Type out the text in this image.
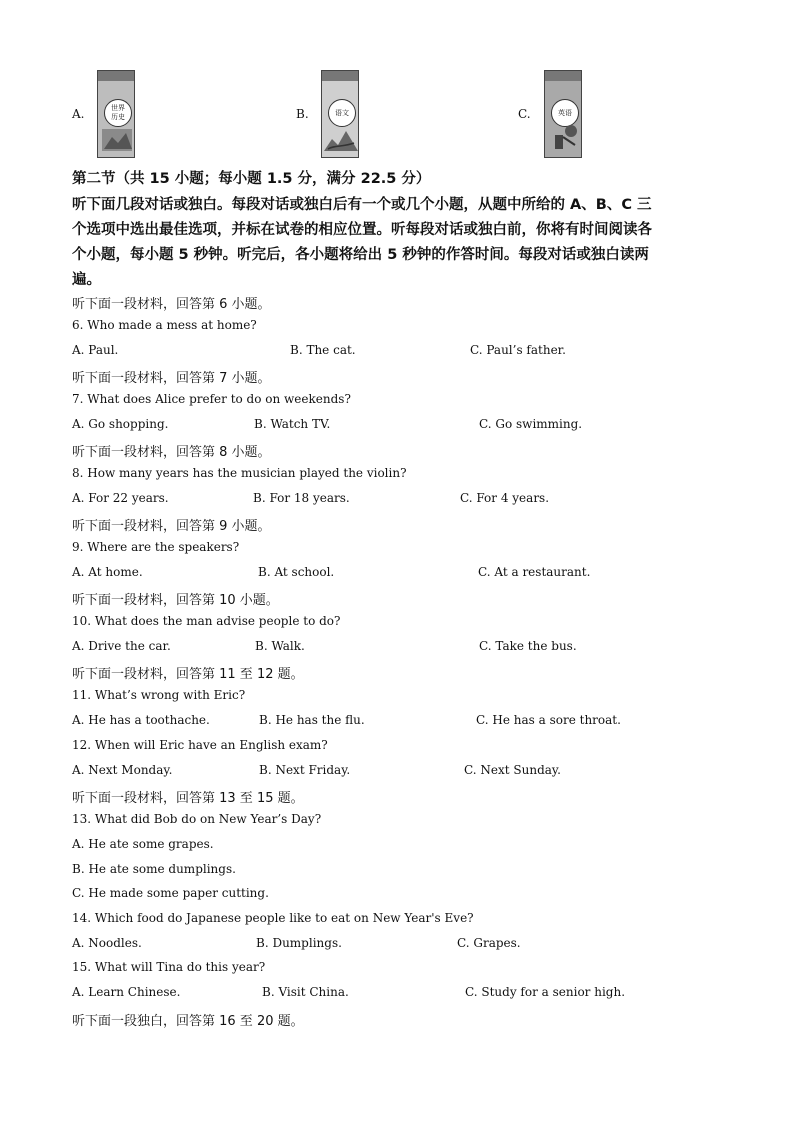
A.	世界
历史	B.	语文	C.	英语
第二节（共 15 小题；每小题 1.5 分，满分 22.5 分）
听下面几段对话或独白。每段对话或独白后有一个或几个小题，从题中所给的 A、B、C 三
个选项中选出最佳选项，并标在试卷的相应位置。听每段对话或独白前，你将有时间阅读各
个小题，每小题 5 秒钟。听完后，各小题将给出 5 秒钟的作答时间。每段对话或独白读两
遍。
听下面一段材料，回答第 6 小题。
6. Who made a mess at home?
A. Paul.	B. The cat.	C. Paul’s father.
听下面一段材料，回答第 7 小题。
7. What does Alice prefer to do on weekends?
A. Go shopping.	B. Watch TV.	C. Go swimming.
听下面一段材料，回答第 8 小题。
8. How many years has the musician played the violin?
A. For 22 years.	B. For 18 years.	C. For 4 years.
听下面一段材料，回答第 9 小题。
9. Where are the speakers?
A. At home.	B. At school.	C. At a restaurant.
听下面一段材料，回答第 10 小题。
10. What does the man advise people to do?
A. Drive the car.	B. Walk.	C. Take the bus.
听下面一段材料，回答第 11 至 12 题。
11. What’s wrong with Eric?
A. He has a toothache.	B. He has the flu.	C. He has a sore throat.
12. When will Eric have an English exam?
A. Next Monday.	B. Next Friday.	C. Next Sunday.
听下面一段材料，回答第 13 至 15 题。
13. What did Bob do on New Year’s Day?
A. He ate some grapes.
B. He ate some dumplings.
C. He made some paper cutting.
14. Which food do Japanese people like to eat on New Year's Eve?
A. Noodles.	B. Dumplings.	C. Grapes.
15. What will Tina do this year?
A. Learn Chinese.	B. Visit China.	C. Study for a senior high.
听下面一段独白，回答第 16 至 20 题。
